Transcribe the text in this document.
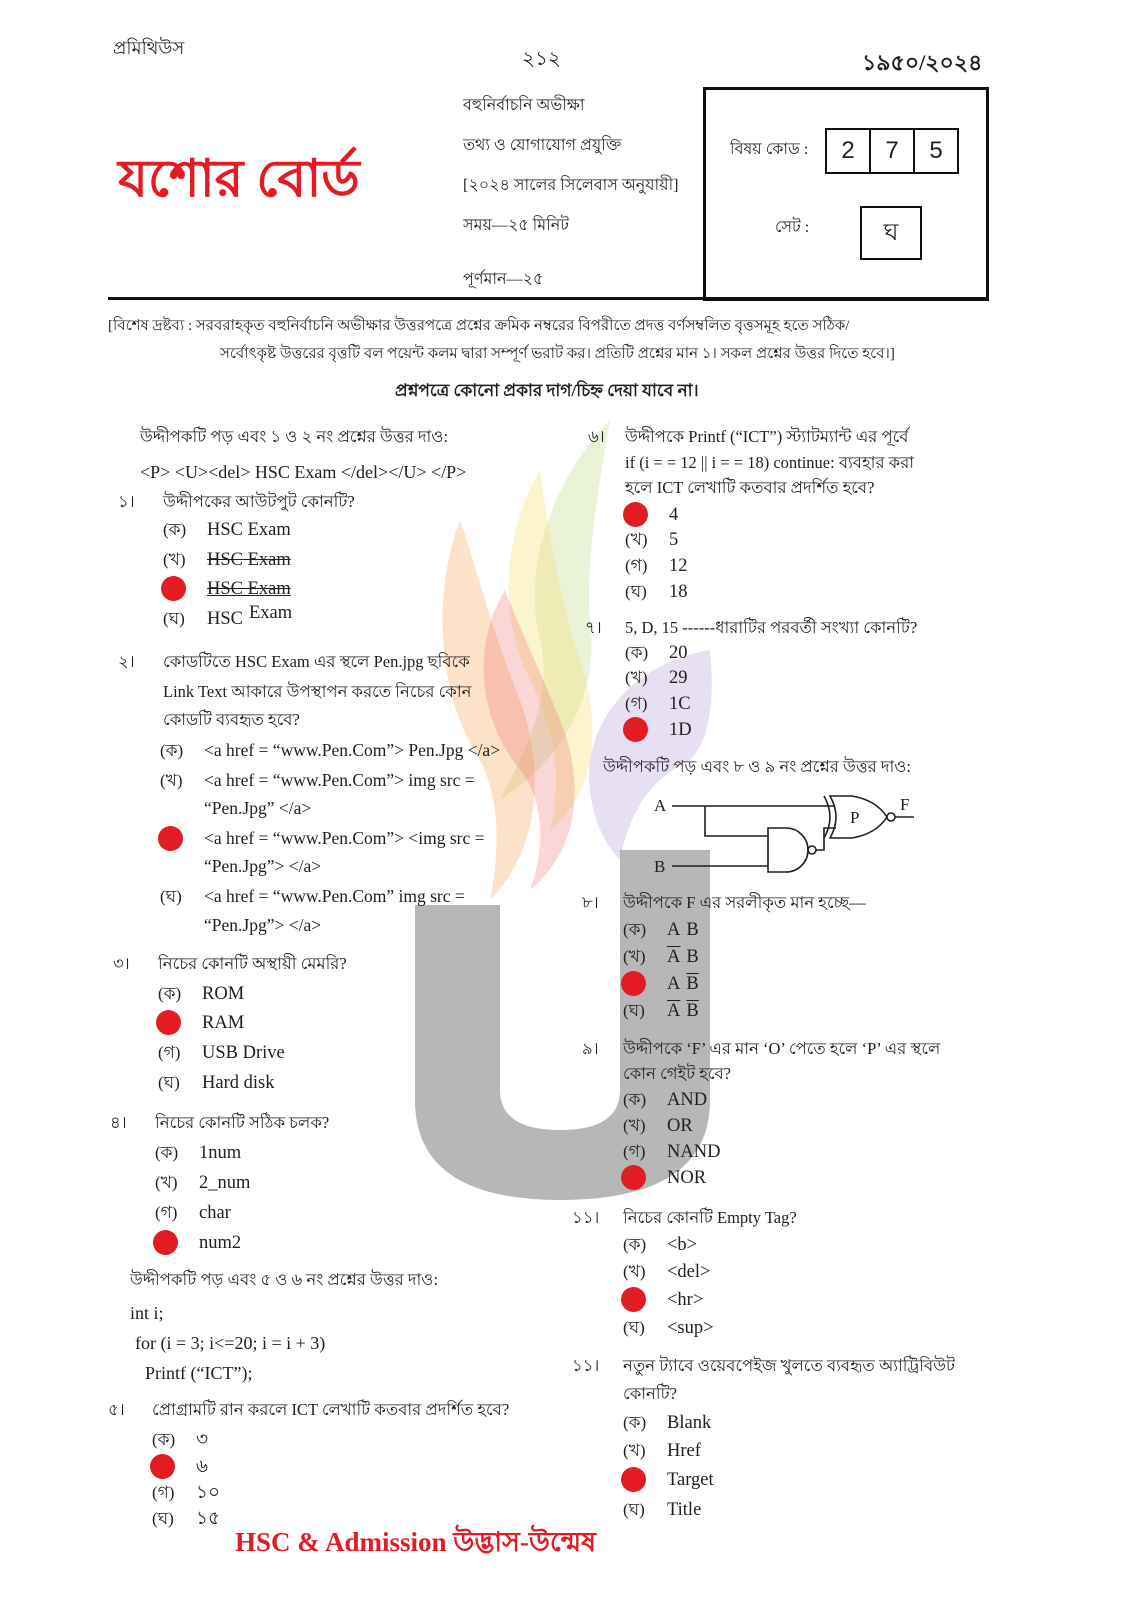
প্রমিথিউস	২১২	১৯৫০/২০২৪
যশোর বোর্ড
বহুনির্বাচনি অভীক্ষা
তথ্য ও যোগাযোগ প্রযুক্তি
[২০২৪ সালের সিলেবাস অনুযায়ী]
সময়—২৫ মিনিট
পূর্ণমান—২৫
বিষয় কোড :	2	7	5
সেট :	ঘ
[বিশেষ দ্রষ্টব্য : সরবরাহকৃত বহুনির্বাচনি অভীক্ষার উত্তরপত্রে প্রশ্নের ক্রমিক নম্বরের বিপরীতে প্রদত্ত বর্ণসম্বলিত বৃত্তসমূহ হতে সঠিক/
সর্বোৎকৃষ্ট উত্তরের বৃত্তটি বল পয়েন্ট কলম দ্বারা সম্পূর্ণ ভরাট কর। প্রতিটি প্রশ্নের মান ১। সকল প্রশ্নের উত্তর দিতে হবে।]
প্রশ্নপত্রে কোনো প্রকার দাগ/চিহ্ন দেয়া যাবে না।
উদ্দীপকটি পড় এবং ১ ও ২ নং প্রশ্নের উত্তর দাও:
<P> <U><del> HSC Exam </del></U> </P>
১। উদ্দীপকের আউটপুট কোনটি?
(ক) HSC Exam
(খ) HSC Exam
HSC Exam
(ঘ) HSC Exam
২। কোডটিতে HSC Exam এর স্থলে Pen.jpg ছবিকে
Link Text আকারে উপস্থাপন করতে নিচের কোন
কোডটি ব্যবহৃত হবে?
(ক) <a href = “www.Pen.Com”> Pen.Jpg </a>
(খ) <a href = “www.Pen.Com”> img src =
“Pen.Jpg” </a>
<a href = “www.Pen.Com”> <img src =
“Pen.Jpg”> </a>
(ঘ) <a href = “www.Pen.Com” img src =
“Pen.Jpg”> </a>
৩। নিচের কোনটি অস্থায়ী মেমরি?
(ক) ROM
RAM
(গ) USB Drive
(ঘ) Hard disk
৪। নিচের কোনটি সঠিক চলক?
(ক) 1num
(খ) 2_num
(গ) char
num2
উদ্দীপকটি পড় এবং ৫ ও ৬ নং প্রশ্নের উত্তর দাও:
int i;
for (i = 3; i<=20; i = i + 3)
Printf (“ICT”);
৫। প্রোগ্রামটি রান করলে ICT লেখাটি কতবার প্রদর্শিত হবে?
(ক) ৩
৬
(গ) ১০
(ঘ) ১৫
৬। উদ্দীপকে Printf (“ICT”) স্ট্যাটম্যান্ট এর পূর্বে
if (i = = 12 || i = = 18) continue: ব্যবহার করা
হলে ICT লেখাটি কতবার প্রদর্শিত হবে?
4
(খ) 5
(গ) 12
(ঘ) 18
৭। 5, D, 15 ------ধারাটির পরবর্তী সংখ্যা কোনটি?
(ক) 20
(খ) 29
(গ) 1C
1D
উদ্দীপকটি পড় এবং ৮ ও ৯ নং প্রশ্নের উত্তর দাও:
A
B
P
F
৮। উদ্দীপকে F এর সরলীকৃত মান হচ্ছে—
(ক) A B
(খ) $\overline{A}$ B
A $\overline{B}$
(ঘ) $\overline{A}$ $\overline{B}$
৯। উদ্দীপকে ‘F’ এর মান ‘O’ পেতে হলে ‘P’ এর স্থলে
কোন গেইট হবে?
(ক) AND
(খ) OR
(গ) NAND
NOR
১১। নিচের কোনটি Empty Tag?
(ক) <b>
(খ) <del>
<hr>
(ঘ) <sup>
১১। নতুন ট্যাবে ওয়েবপেইজ খুলতে ব্যবহৃত অ্যাট্রিবিউট
কোনটি?
(ক) Blank
(খ) Href
Target
(ঘ) Title
HSC & Admission উদ্ভাস-উন্মেষ
